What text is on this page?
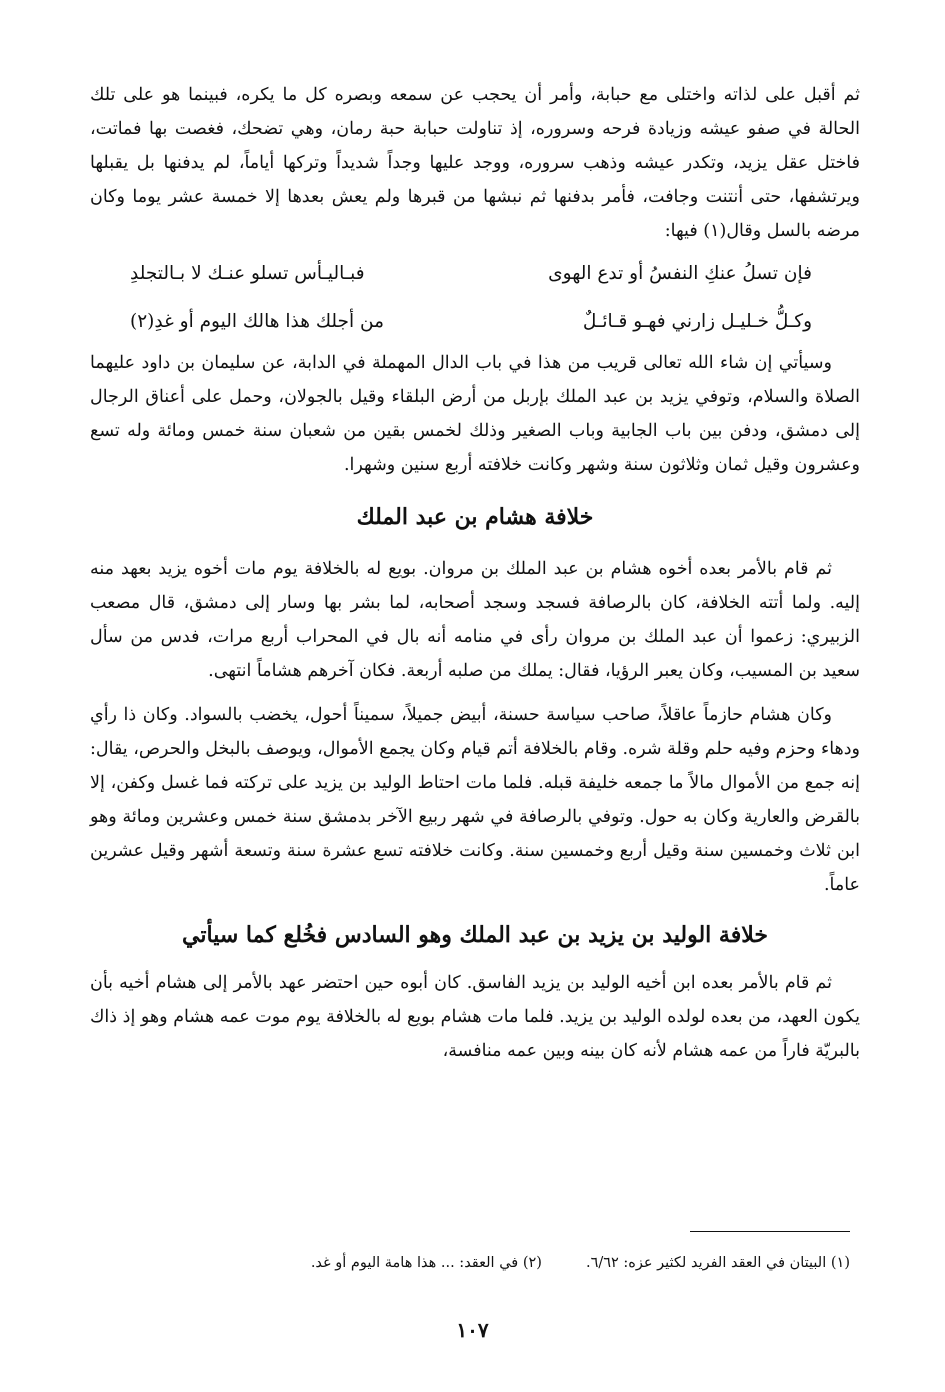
ثم أقبل على لذاته واختلى مع حبابة، وأمر أن يحجب عن سمعه وبصره كل ما يكره، فبينما هو على تلك الحالة في صفو عيشه وزيادة فرحه وسروره، إذ تناولت حبابة حبة رمان، وهي تضحك، فغصت بها فماتت، فاختل عقل يزيد، وتكدر عيشه وذهب سروره، ووجد عليها وجداً شديداً وتركها أياماً، لم يدفنها بل يقبلها ويرتشفها، حتى أنتنت وجافت، فأمر بدفنها ثم نبشها من قبرها ولم يعش بعدها إلا خمسة عشر يوما وكان مرضه بالسل وقال(١) فيها:

فإن تسلُ عنكِ النفسُ أو تدع الهوى
فبـاليـأس تسلو عنـك لا بـالتجلدِ
وكـلُّ خـليـل زارني فهـو قـائـلٌ
من أجلك هذا هالك اليوم أو غدِ(٢)

وسيأتي إن شاء الله تعالى قريب من هذا في باب الدال المهملة في الدابة، عن سليمان بن داود عليهما الصلاة والسلام، وتوفي يزيد بن عبد الملك بإربل من أرض البلقاء وقيل بالجولان، وحمل على أعناق الرجال إلى دمشق، ودفن بين باب الجابية وباب الصغير وذلك لخمس بقين من شعبان سنة خمس ومائة وله تسع وعشرون وقيل ثمان وثلاثون سنة وشهر وكانت خلافته أربع سنين وشهرا.

خلافة هشام بن عبد الملك

ثم قام بالأمر بعده أخوه هشام بن عبد الملك بن مروان. بويع له بالخلافة يوم مات أخوه يزيد بعهد منه إليه. ولما أتته الخلافة، كان بالرصافة فسجد وسجد أصحابه، لما بشر بها وسار إلى دمشق، قال مصعب الزبيري: زعموا أن عبد الملك بن مروان رأى في منامه أنه بال في المحراب أربع مرات، فدس من سأل سعيد بن المسيب، وكان يعبر الرؤيا، فقال: يملك من صلبه أربعة. فكان آخرهم هشاماً انتهى.

وكان هشام حازماً عاقلاً، صاحب سياسة حسنة، أبيض جميلاً، سميناً أحول، يخضب بالسواد. وكان ذا رأي ودهاء وحزم وفيه حلم وقلة شره. وقام بالخلافة أتم قيام وكان يجمع الأموال، ويوصف بالبخل والحرص، يقال: إنه جمع من الأموال مالاً ما جمعه خليفة قبله. فلما مات احتاط الوليد بن يزيد على تركته فما غسل وكفن، إلا بالقرض والعارية وكان به حول. وتوفي بالرصافة في شهر ربيع الآخر بدمشق سنة خمس وعشرين ومائة وهو ابن ثلاث وخمسين سنة وقيل أربع وخمسين سنة. وكانت خلافته تسع عشرة سنة وتسعة أشهر وقيل عشرين عاماً.

خلافة الوليد بن يزيد بن عبد الملك وهو السادس فخُلع كما سيأتي

ثم قام بالأمر بعده ابن أخيه الوليد بن يزيد الفاسق. كان أبوه حين احتضر عهد بالأمر إلى هشام أخيه بأن يكون العهد، من بعده لولده الوليد بن يزيد. فلما مات هشام بويع له بالخلافة يوم موت عمه هشام وهو إذ ذاك بالبريّة فاراً من عمه هشام لأنه كان بينه وبين عمه منافسة،

(١) البيتان في العقد الفريد لكثير عزه: ٦/٦٢.
(٢) في العقد: ... هذا هامة اليوم أو غد.
١٠٧
